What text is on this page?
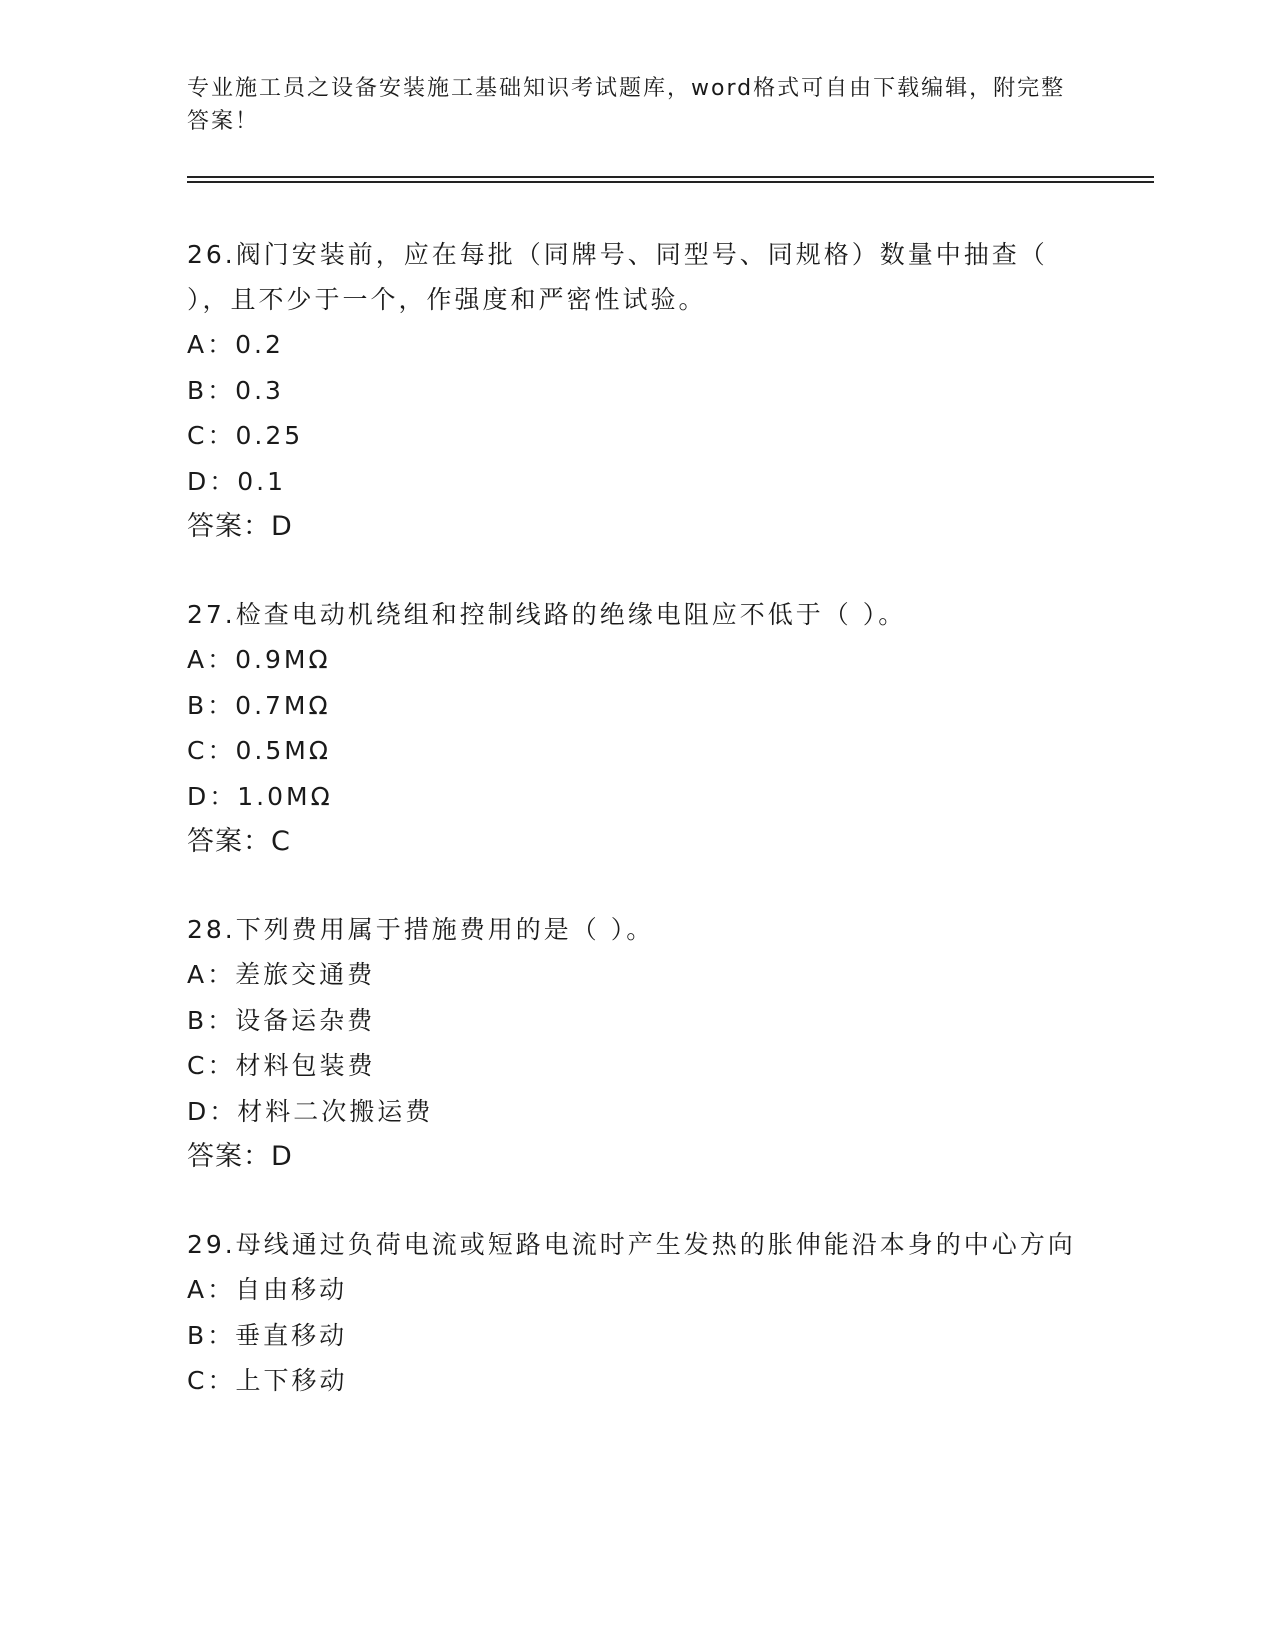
专业施工员之设备安装施工基础知识考试题库，word格式可自由下载编辑，附完整答案！
26.阀门安装前，应在每批（同牌号、同型号、同规格）数量中抽查（ ），且不少于一个，作强度和严密性试验。
A ： 0.2
B ： 0.3
C ： 0.25
D ： 0.1
答案 ： D
27.检查电动机绕组和控制线路的绝缘电阻应不低于（ ）。
A ： 0.9MΩ
B ： 0.7MΩ
C ： 0.5MΩ
D ： 1.0MΩ
答案 ： C
28.下列费用属于措施费用的是（ ）。
A ： 差旅交通费
B ： 设备运杂费
C ： 材料包装费
D ： 材料二次搬运费
答案 ： D
29.母线通过负荷电流或短路电流时产生发热的胀伸能沿本身的中心方向
A ： 自由移动
B ： 垂直移动
C ： 上下移动
